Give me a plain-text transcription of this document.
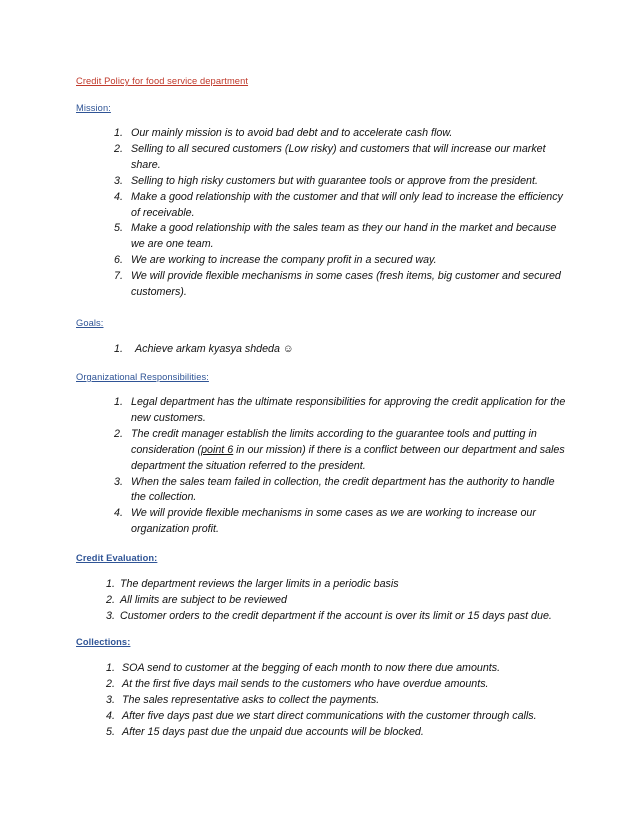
Credit Policy for food service department
Mission:
1. Our mainly mission is to avoid bad debt and to accelerate cash flow.
2. Selling to all secured customers (Low risky) and customers that will increase our market share.
3. Selling to high risky customers but with guarantee tools or approve from the president.
4. Make a good relationship with the customer and that will only lead to increase the efficiency of receivable.
5. Make a good relationship with the sales team as they our hand in the market and because we are one team.
6. We are working to increase the company profit in a secured way.
7. We will provide flexible mechanisms in some cases (fresh items, big customer and secured customers).
Goals:
1. Achieve arkam kyasya shdeda ☺
Organizational Responsibilities:
1. Legal department has the ultimate responsibilities for approving the credit application for the new customers.
2. The credit manager establish the limits according to the guarantee tools and putting in consideration (point 6 in our mission) if there is a conflict between our department and sales department the situation referred to the president.
3. When the sales team failed in collection, the credit department has the authority to handle the collection.
4. We will provide flexible mechanisms in some cases as we are working to increase our organization profit.
Credit Evaluation:
1. The department reviews the larger limits in a periodic basis
2. All limits are subject to be reviewed
3. Customer orders to the credit department if the account is over its limit or 15 days past due.
Collections:
1. SOA send to customer at the begging of each month to now there due amounts.
2. At the first five days mail sends to the customers who have overdue amounts.
3. The sales representative asks to collect the payments.
4. After five days past due we start direct communications with the customer through calls.
5. After 15 days past due the unpaid due accounts will be blocked.
